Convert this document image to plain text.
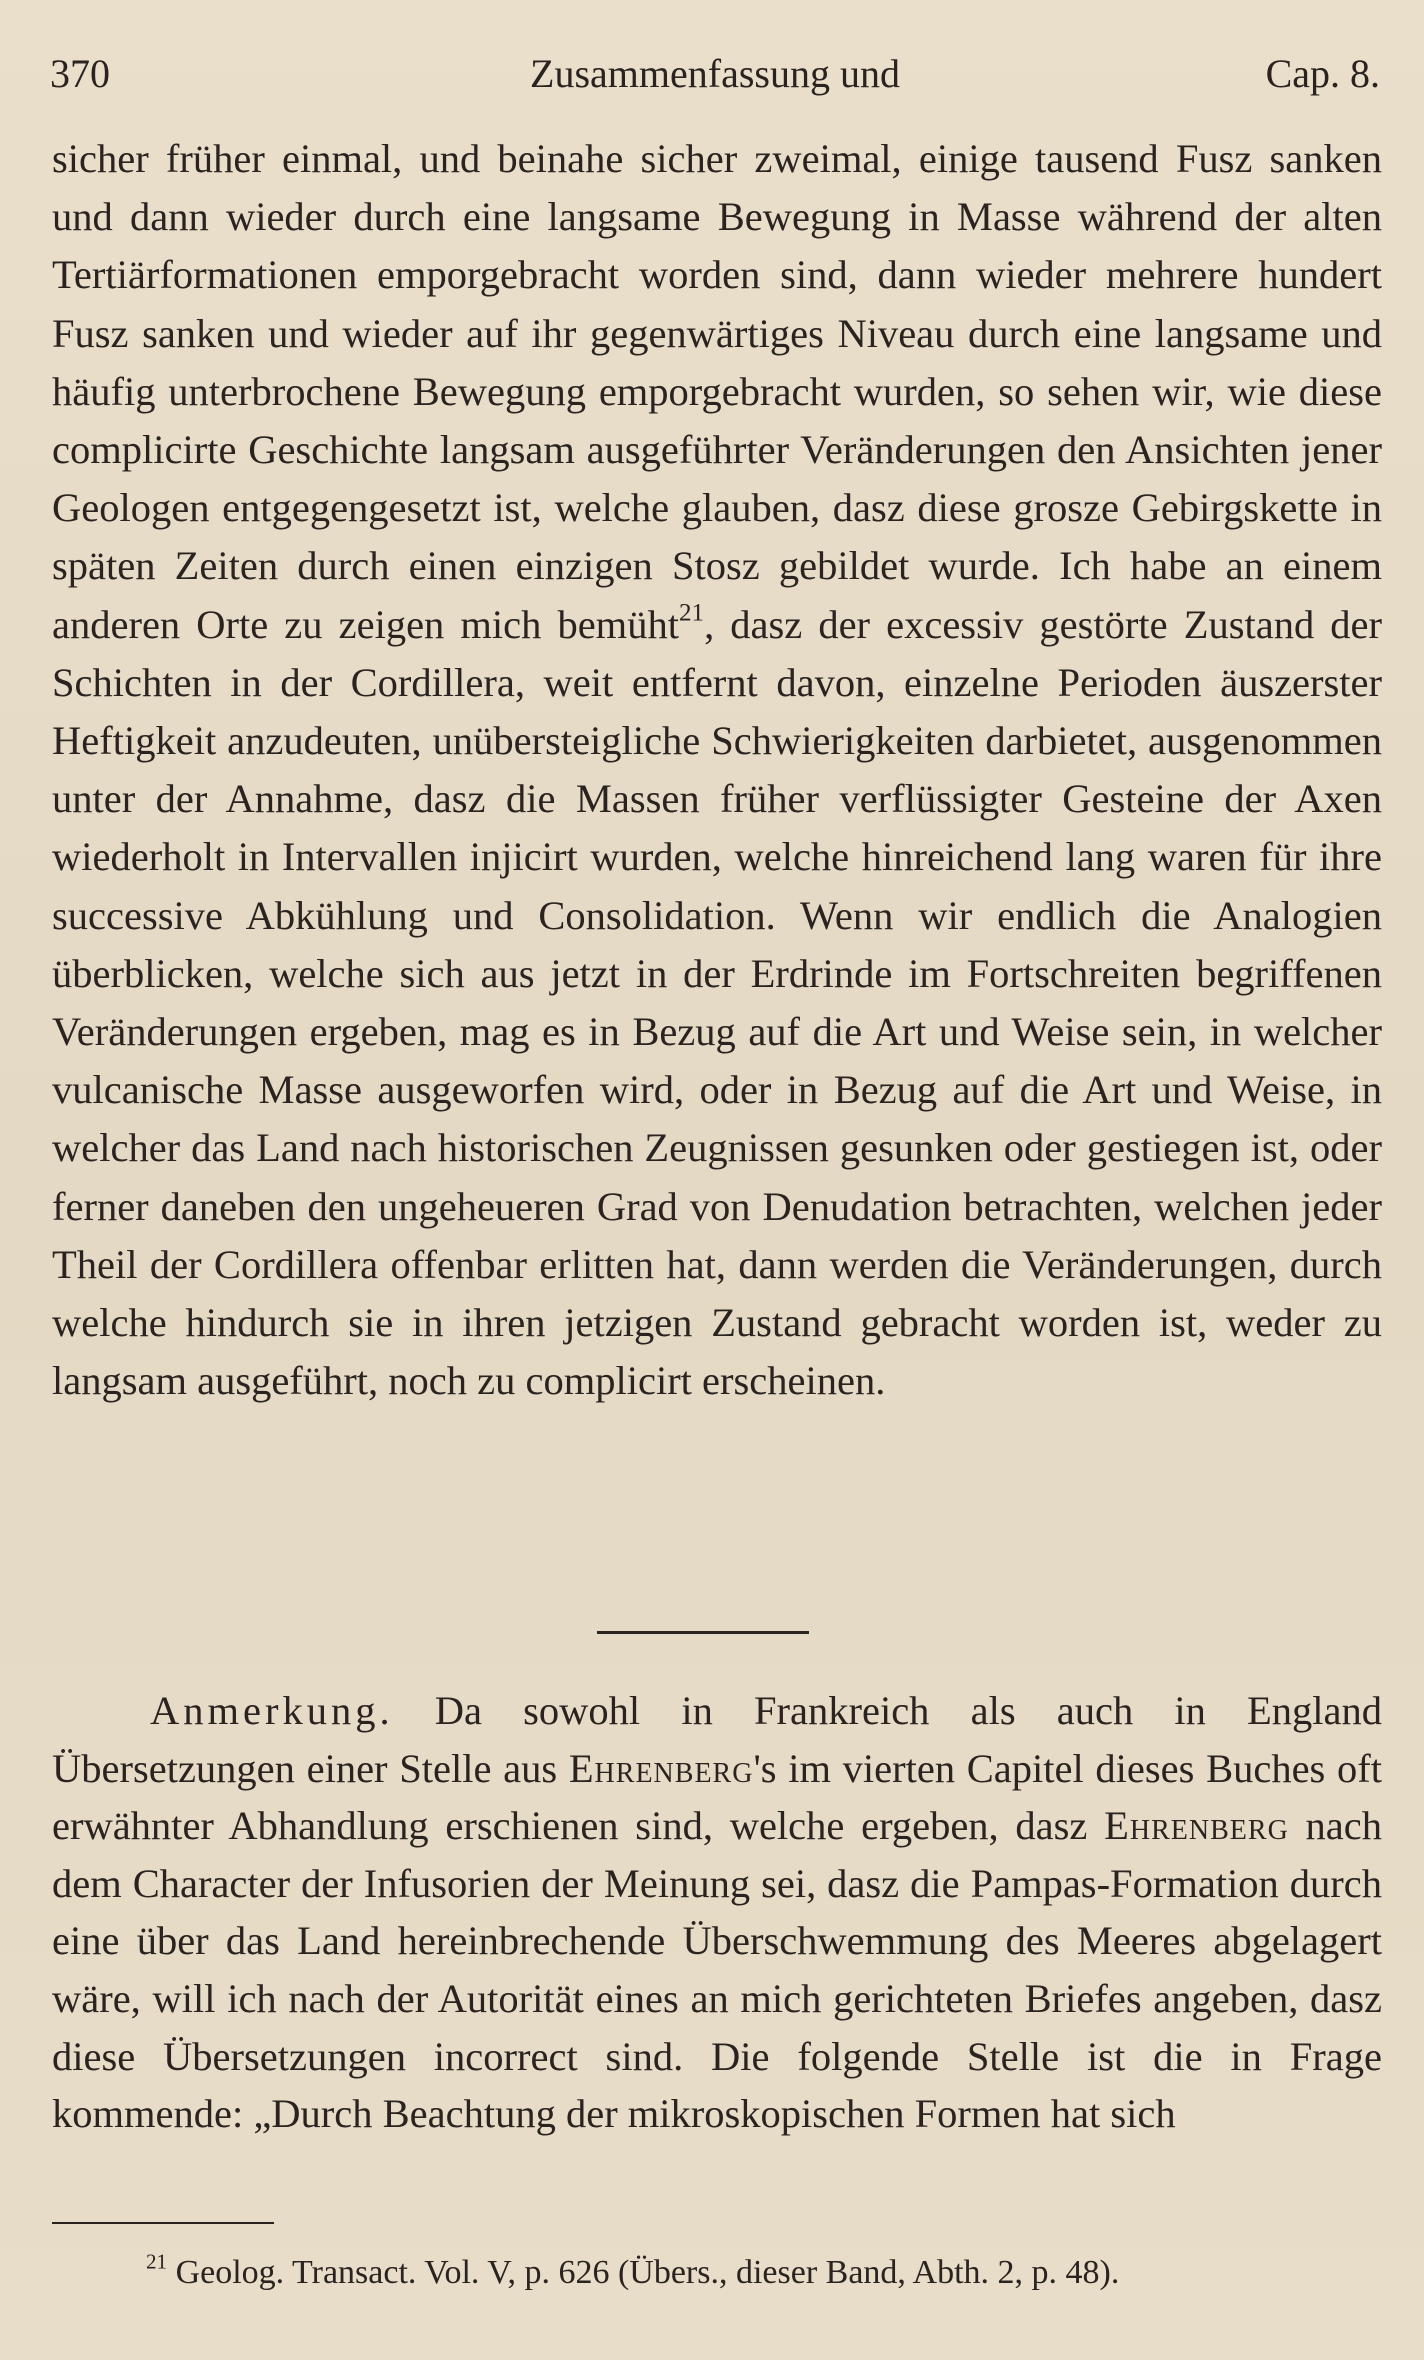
370	Zusammenfassung und	Cap. 8.

sicher früher einmal, und beinahe sicher zweimal, einige tausend Fusz sanken und dann wieder durch eine langsame Bewegung in Masse während der alten Tertiärformationen emporgebracht worden sind, dann wieder mehrere hundert Fusz sanken und wieder auf ihr gegenwärtiges Niveau durch eine langsame und häufig unterbrochene Bewegung emporgebracht wurden, so sehen wir, wie diese complicirte Geschichte langsam ausgeführter Veränderungen den Ansichten jener Geologen entgegengesetzt ist, welche glauben, dasz diese grosze Gebirgskette in späten Zeiten durch einen einzigen Stosz gebildet wurde. Ich habe an einem anderen Orte zu zeigen mich bemüht$^{21}$, dasz der excessiv gestörte Zustand der Schichten in der Cordillera, weit entfernt davon, einzelne Perioden äuszerster Heftigkeit anzudeuten, unübersteigliche Schwierigkeiten darbietet, ausgenommen unter der Annahme, dasz die Massen früher verflüssigter Gesteine der Axen wiederholt in Intervallen injicirt wurden, welche hinreichend lang waren für ihre successive Abkühlung und Consolidation. Wenn wir endlich die Analogien überblicken, welche sich aus jetzt in der Erdrinde im Fortschreiten begriffenen Veränderungen ergeben, mag es in Bezug auf die Art und Weise sein, in welcher vulcanische Masse ausgeworfen wird, oder in Bezug auf die Art und Weise, in welcher das Land nach historischen Zeugnissen gesunken oder gestiegen ist, oder ferner daneben den ungeheueren Grad von Denudation betrachten, welchen jeder Theil der Cordillera offenbar erlitten hat, dann werden die Veränderungen, durch welche hindurch sie in ihren jetzigen Zustand gebracht worden ist, weder zu langsam ausgeführt, noch zu complicirt erscheinen.

Anmerkung. Da sowohl in Frankreich als auch in England Übersetzungen einer Stelle aus Ehrenberg's im vierten Capitel dieses Buches oft erwähnter Abhandlung erschienen sind, welche ergeben, dasz Ehrenberg nach dem Character der Infusorien der Meinung sei, dasz die Pampas-Formation durch eine über das Land hereinbrechende Überschwemmung des Meeres abgelagert wäre, will ich nach der Autorität eines an mich gerichteten Briefes angeben, dasz diese Übersetzungen incorrect sind. Die folgende Stelle ist die in Frage kommende: „Durch Beachtung der mikroskopischen Formen hat sich

$^{21}$ Geolog. Transact. Vol. V, p. 626 (Übers., dieser Band, Abth. 2, p. 48).
